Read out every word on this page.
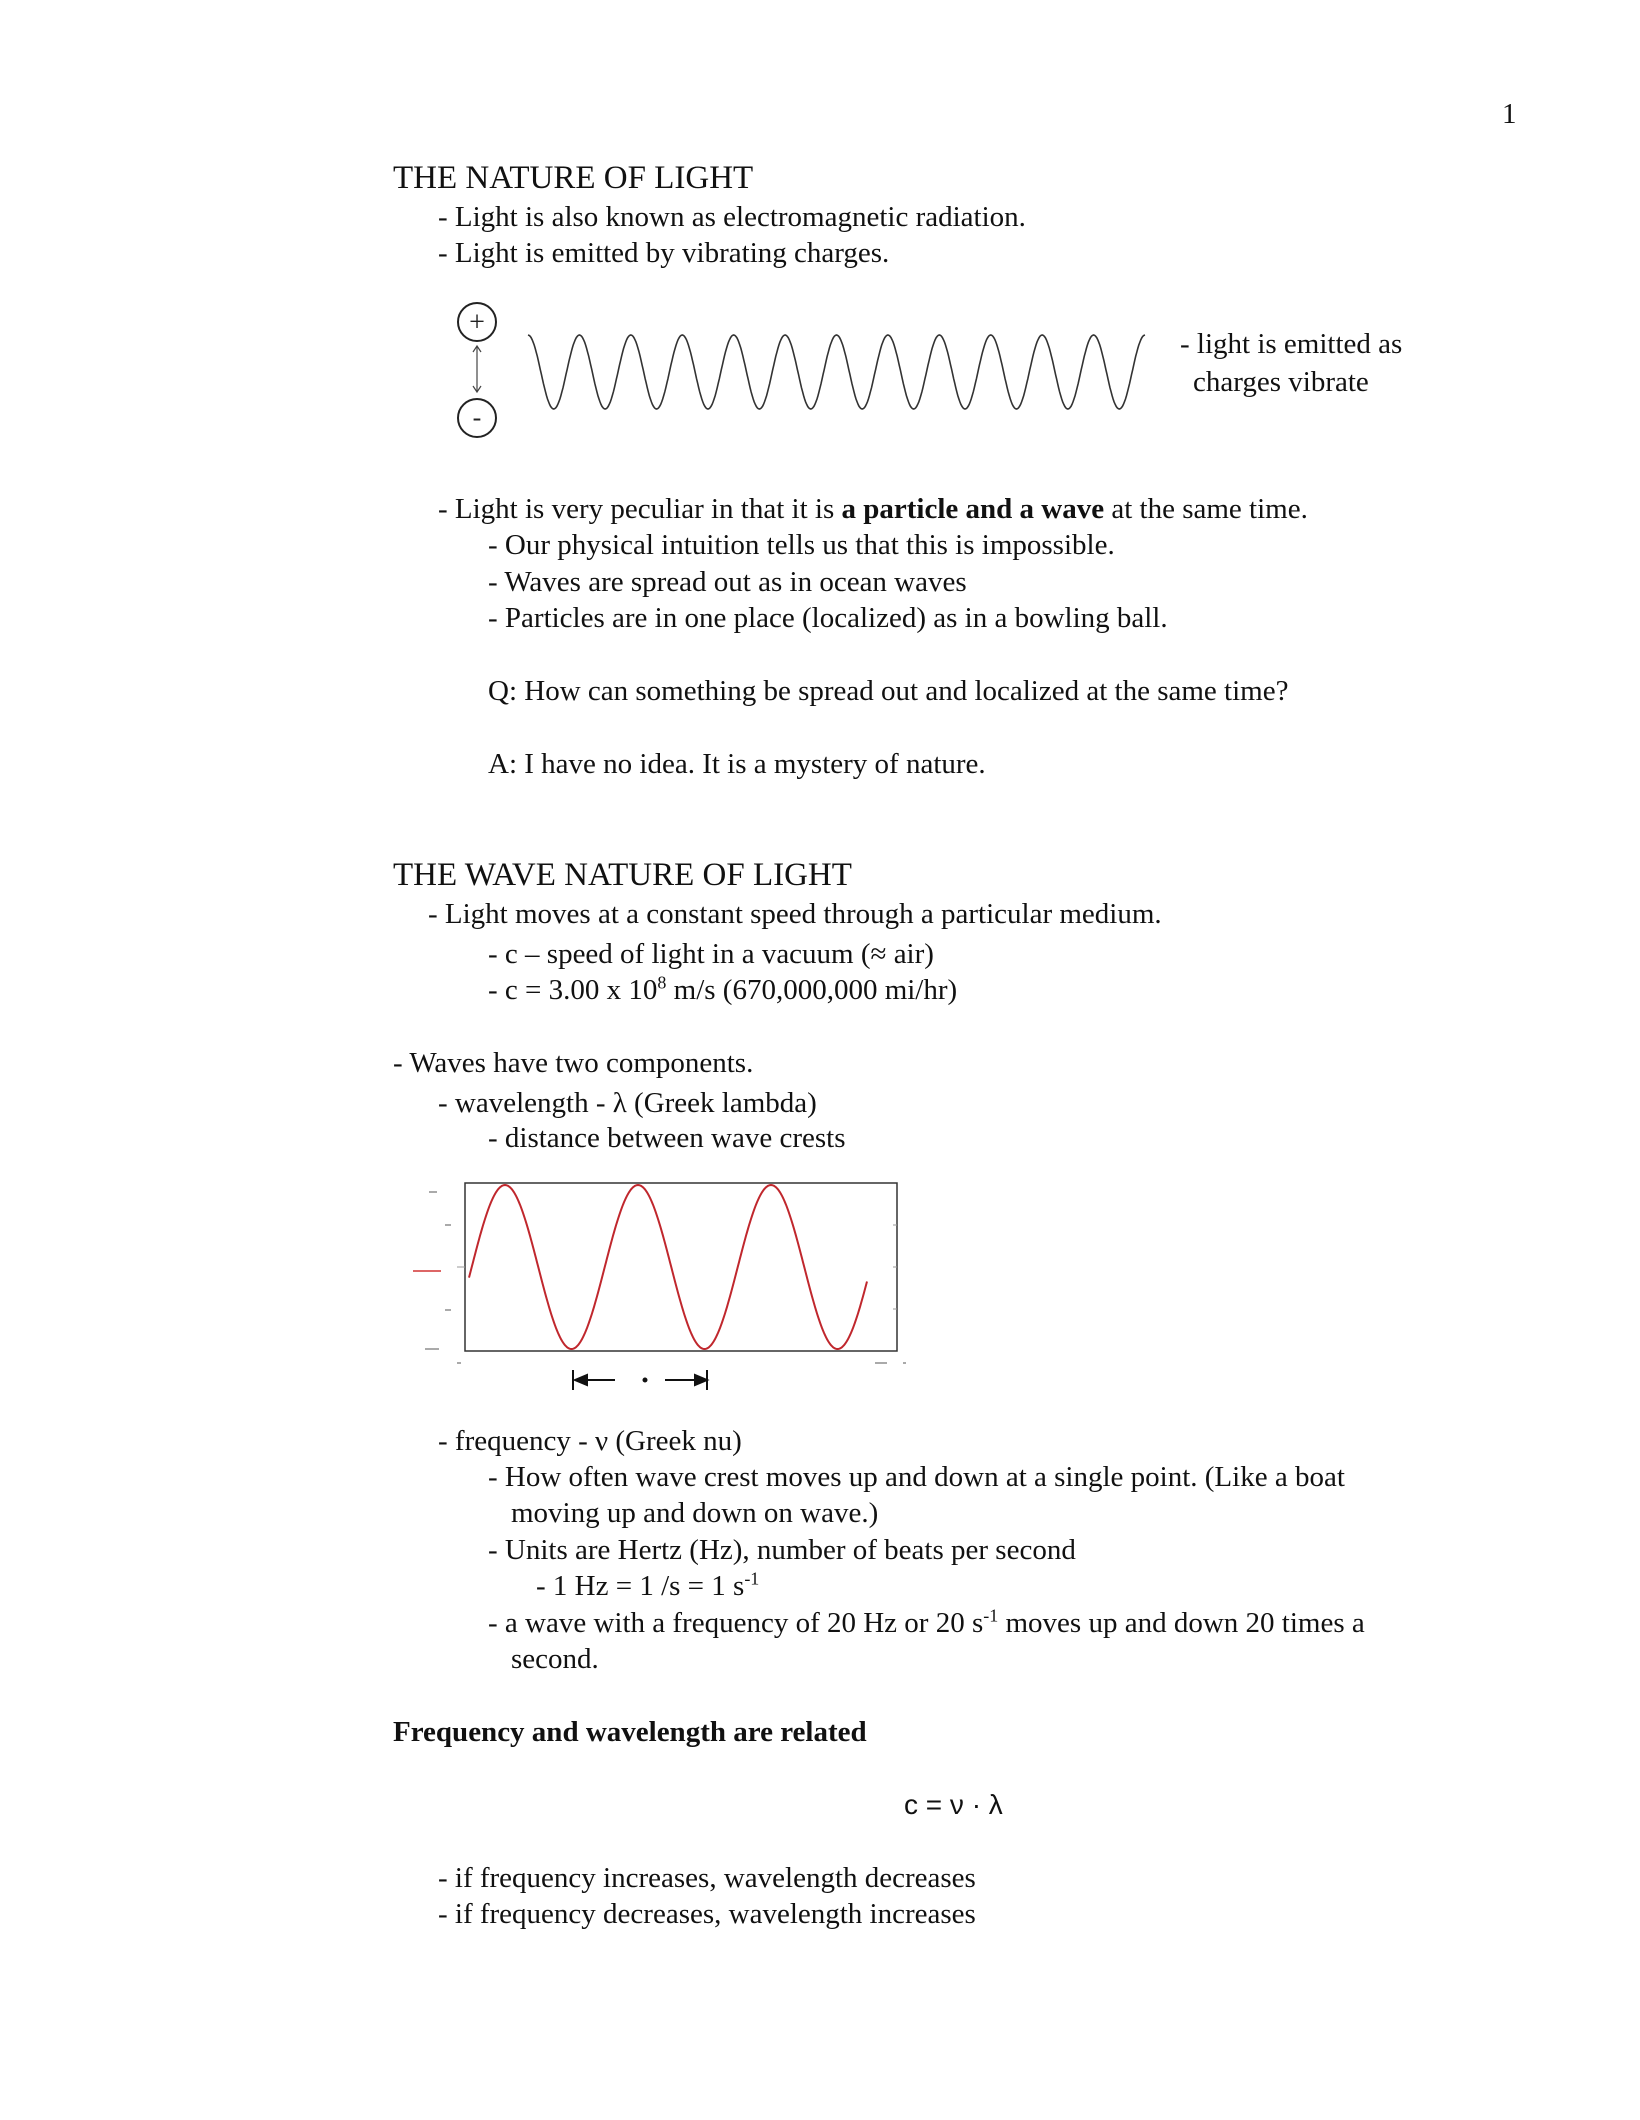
1
THE NATURE OF LIGHT
- Light is also known as electromagnetic radiation.
- Light is emitted by vibrating charges.
+
-
- light is emitted as
charges vibrate
- Light is very peculiar in that it is a particle and a wave at the same time.
- Our physical intuition tells us that this is impossible.
- Waves are spread out as in ocean waves
- Particles are in one place (localized) as in a bowling ball.
Q: How can something be spread out and localized at the same time?
A: I have no idea. It is a mystery of nature.
THE WAVE NATURE OF LIGHT
- Light moves at a constant speed through a particular medium.
- c – speed of light in a vacuum (≈ air)
- c = 3.00 x $10^8$ m/s (670,000,000 mi/hr)
- Waves have two components.
- wavelength - λ (Greek lambda)
- distance between wave crests
- frequency - ν (Greek nu)
- How often wave crest moves up and down at a single point. (Like a boat
moving up and down on wave.)
- Units are Hertz (Hz), number of beats per second
- 1 Hz = 1 /s = 1 $s^{-1}$
- a wave with a frequency of 20 Hz or 20 $s^{-1}$ moves up and down 20 times a
second.
Frequency and wavelength are related
c = ν · λ
- if frequency increases, wavelength decreases
- if frequency decreases, wavelength increases
